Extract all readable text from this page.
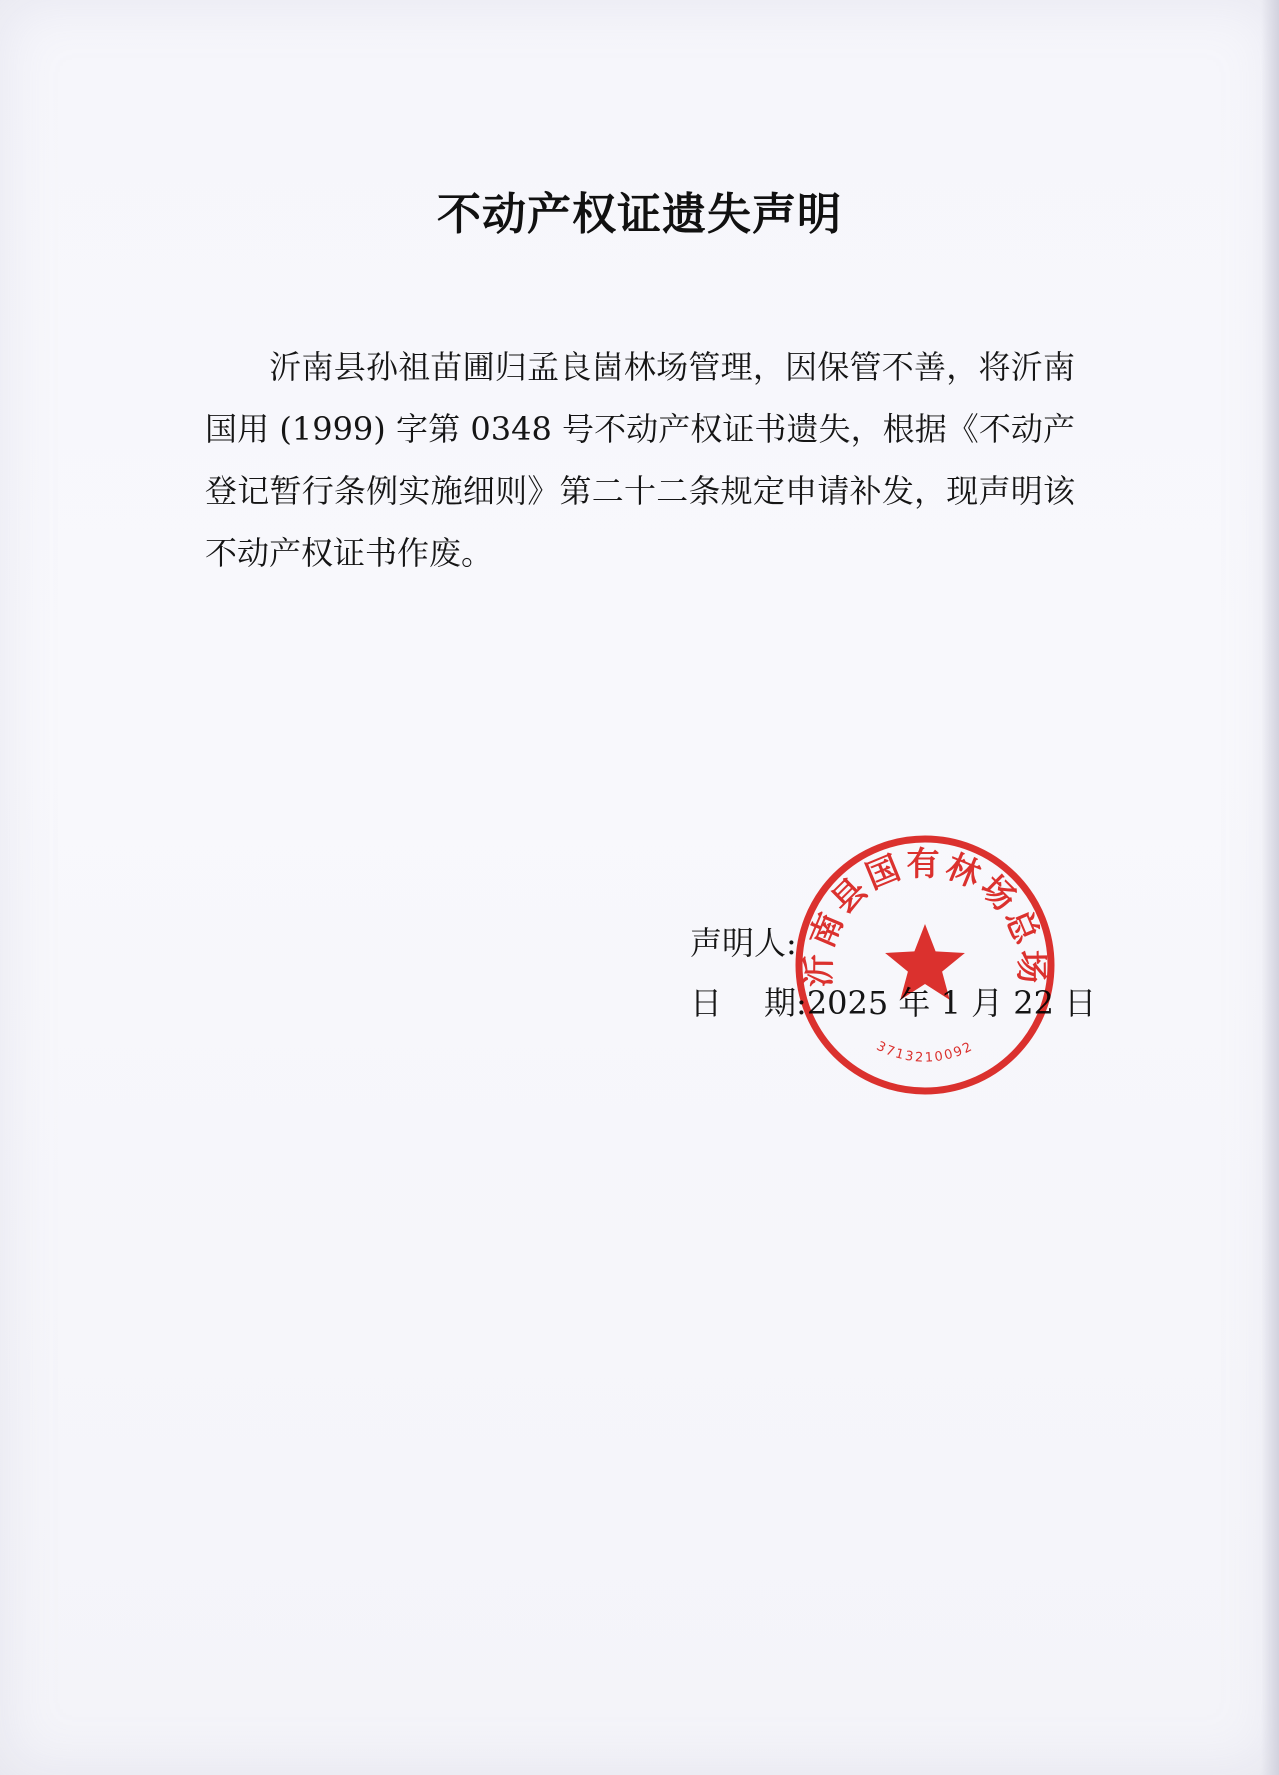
不动产权证遗失声明
沂南县孙祖苗圃归孟良崮林场管理，因保管不善，将沂南国用 (1999) 字第 0348 号不动产权证书遗失，根据《不动产登记暂行条例实施细则》第二十二条规定申请补发，现声明该不动产权证书作废。
声明人:
日 期:2025 年 1 月 22 日
沂南县国有林场总场
3713210092
